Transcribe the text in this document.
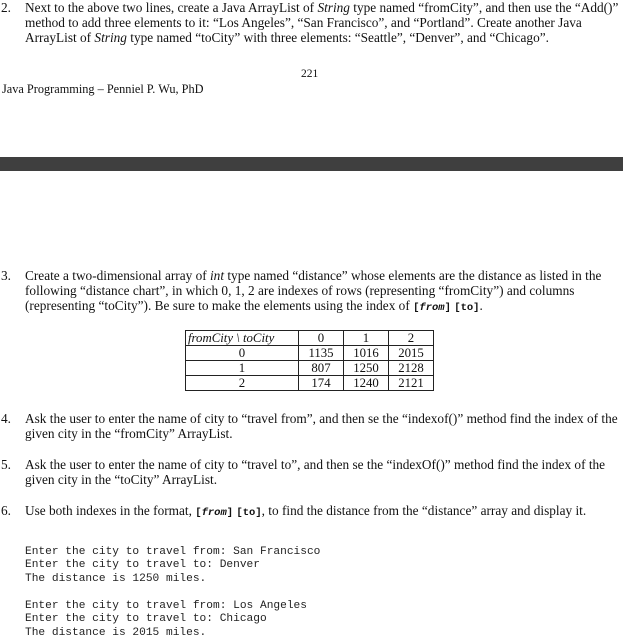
2. Next to the above two lines, create a Java ArrayList of String type named “fromCity”, and then use the “Add()”
method to add three elements to it: “Los Angeles”, “San Francisco”, and “Portland”. Create another Java
ArrayList of String type named “toCity” with three elements: “Seattle”, “Denver”, and “Chicago”.
221
Java Programming – Penniel P. Wu, PhD
3. Create a two-dimensional array of int type named “distance” whose elements are the distance as listed in the
following “distance chart”, in which 0, 1, 2 are indexes of rows (representing “fromCity”) and columns
(representing “toCity”). Be sure to make the elements using the index of [from] [to].
fromCity \ toCity	0	1	2
0	1135	1016	2015
1	807	1250	2128
2	174	1240	2121
4. Ask the user to enter the name of city to “travel from”, and then se the “indexof()” method find the index of the
given city in the “fromCity” ArrayList.
5. Ask the user to enter the name of city to “travel to”, and then se the “indexOf()” method find the index of the
given city in the “toCity” ArrayList.
6. Use both indexes in the format, [from] [to], to find the distance from the “distance” array and display it.

Enter the city to travel from: San Francisco
Enter the city to travel to: Denver
The distance is 1250 miles.

Enter the city to travel from: Los Angeles
Enter the city to travel to: Chicago
The distance is 2015 miles.
